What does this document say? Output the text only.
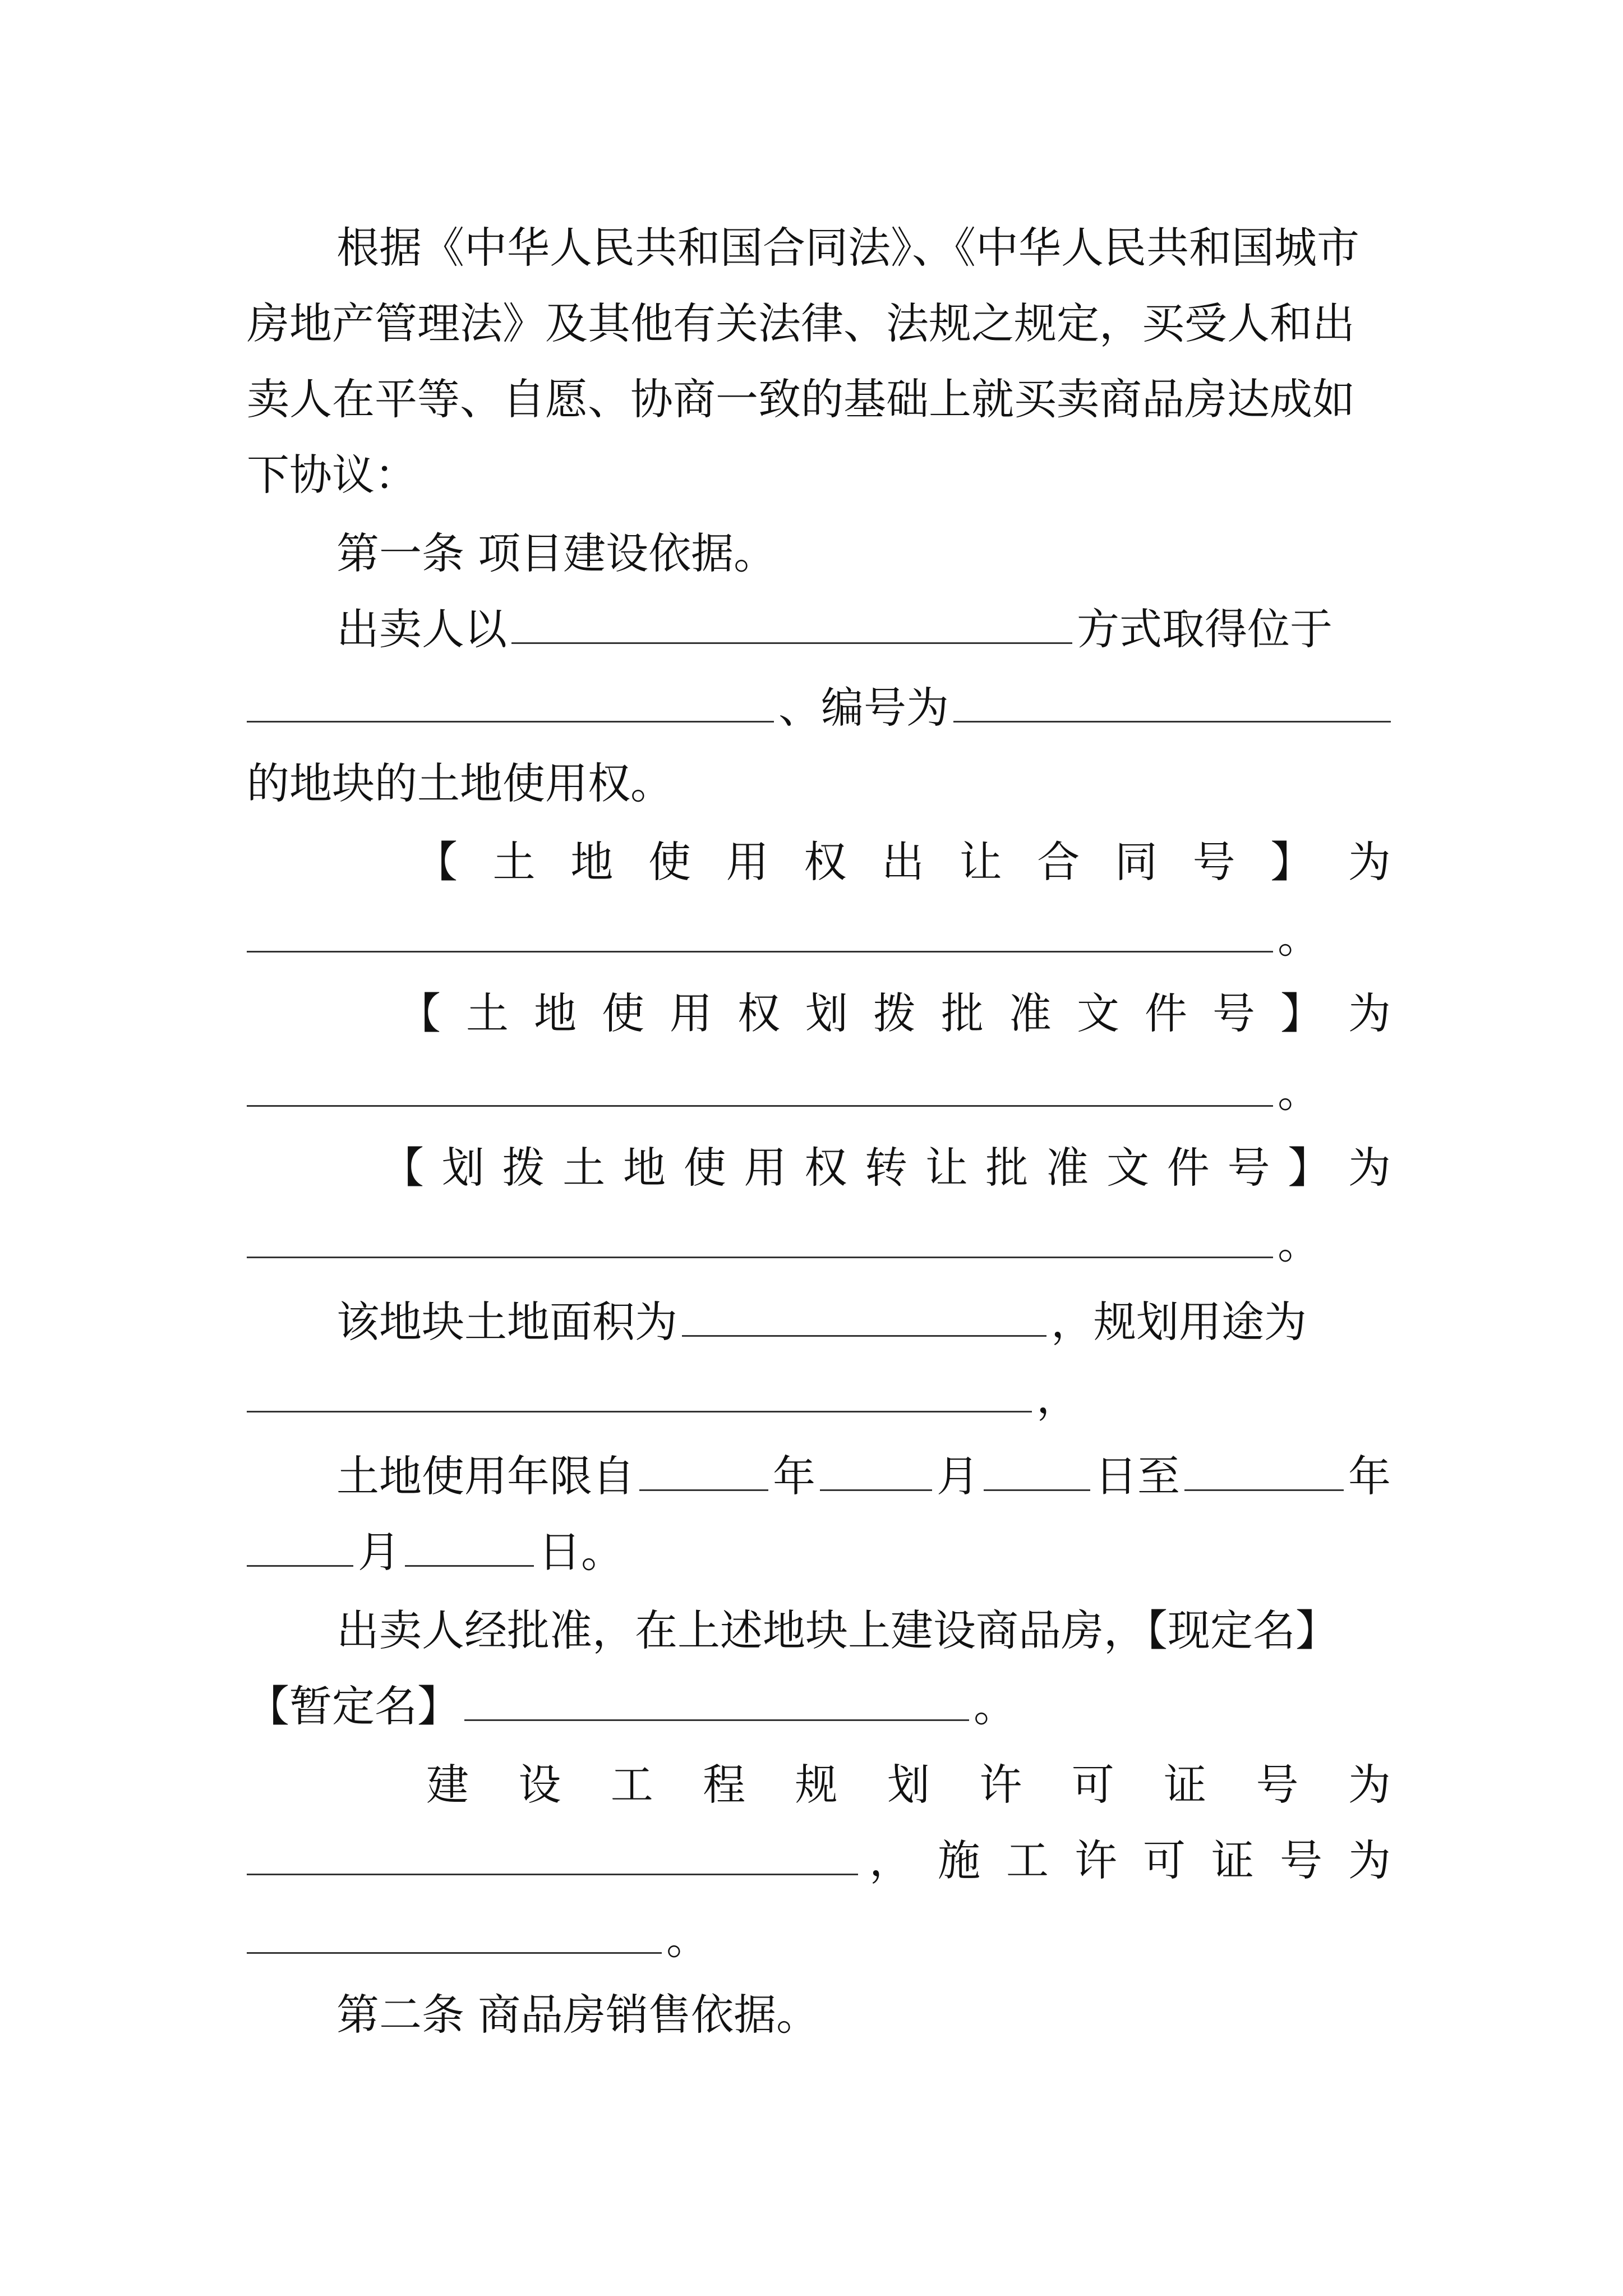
根据《中华人民共和国合同法》、《中华人民共和国城市
房地产管理法》及其他有关法律、法规之规定，买受人和出
卖人在平等、自愿、协商一致的基础上就买卖商品房达成如
下协议：
第一条 项目建设依据。
出卖人以	方式取得位于
、编号为
的地块的土地使用权。
【 土 地 使 用 权 出 让 合 同 号 】 为
。
【 土 地 使 用 权 划 拨 批 准 文 件 号 】 为
。
【 划 拨 土 地 使 用 权 转 让 批 准 文 件 号 】 为
。
该地块土地面积为	，规划用途为
，
土地使用年限自	年	月	日至	年
月	日。
出卖人经批准，在上述地块上建设商品房，【现定名】
【暂定名】	。
建 设 工 程 规 划 许 可 证 号 为
， 施 工 许 可 证 号 为
。
第二条 商品房销售依据。
